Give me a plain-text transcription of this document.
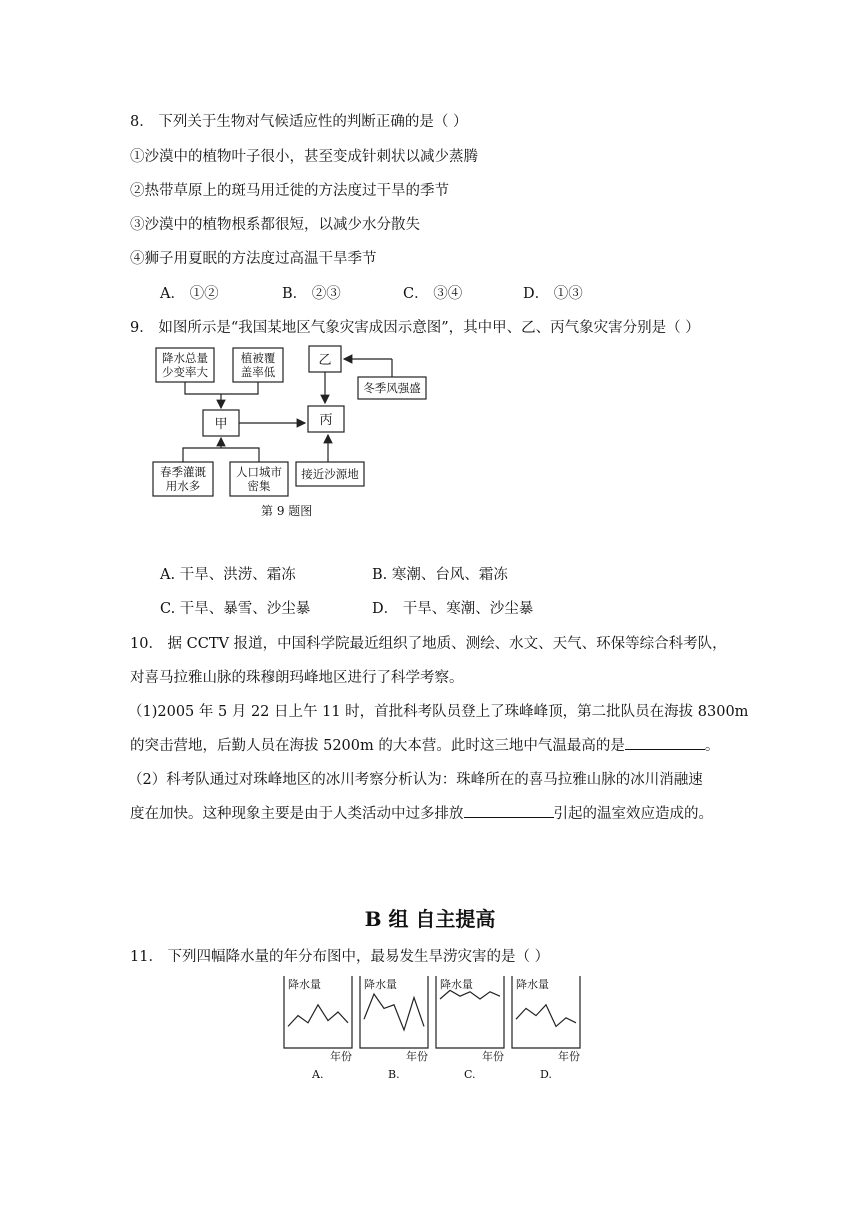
8． 下列关于生物对气候适应性的判断正确的是（ ）
①沙漠中的植物叶子很小，甚至变成针刺状以减少蒸腾
②热带草原上的斑马用迁徙的方法度过干旱的季节
③沙漠中的植物根系都很短，以减少水分散失
④狮子用夏眠的方法度过高温干旱季节
A． ①②	B． ②③	C． ③④	D． ①③
9． 如图所示是“我国某地区气象灾害成因示意图”，其中甲、乙、丙气象灾害分别是（ ）
降水总量
少变率大
植被覆
盖率低
甲
乙
丙
冬季风强盛
春季灌溉
用水多
人口城市
密集
接近沙源地
第 9 题图
A. 干旱、洪涝、霜冻	B. 寒潮、台风、霜冻
C. 干旱、暴雪、沙尘暴	D． 干旱、寒潮、沙尘暴
10． 据 CCTV 报道，中国科学院最近组织了地质、测绘、水文、天气、环保等综合科考队，
对喜马拉雅山脉的珠穆朗玛峰地区进行了科学考察。
（1)2005 年 5 月 22 日上午 11 时，首批科考队员登上了珠峰峰顶，第二批队员在海拔 8300m
的突击营地，后勤人员在海拔 5200m 的大本营。此时这三地中气温最高的是	。
（2）科考队通过对珠峰地区的冰川考察分析认为：珠峰所在的喜马拉雅山脉的冰川消融速
度在加快。这种现象主要是由于人类活动中过多排放	引起的温室效应造成的。
B 组 自主提高
11． 下列四幅降水量的年分布图中，最易发生旱涝灾害的是（ ）
降水量
年份
A.
降水量
年份
B.
降水量
年份
C.
降水量
年份
D.
